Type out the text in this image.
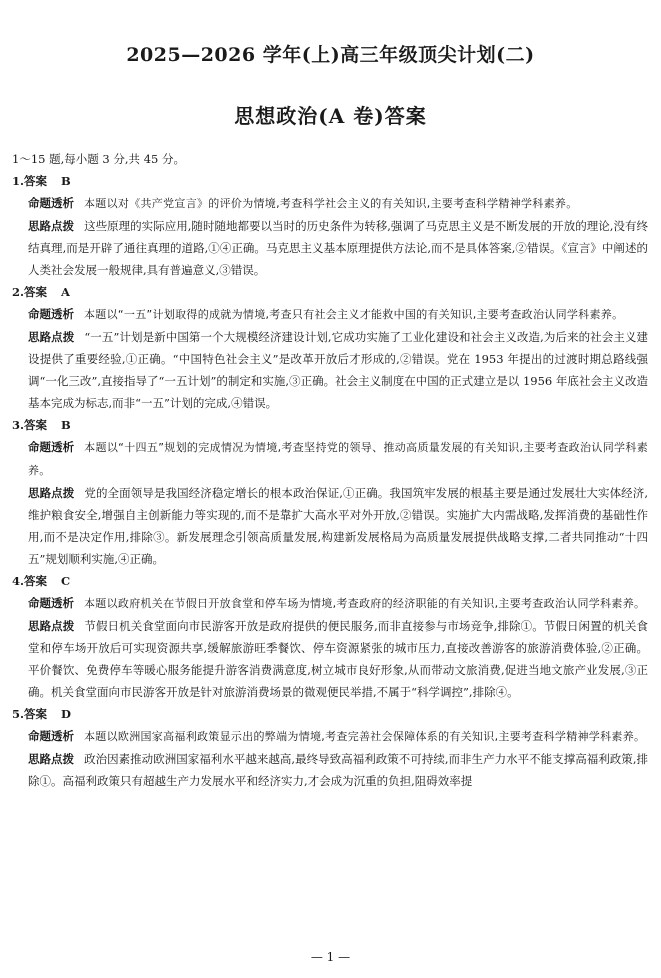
2025—2026 学年(上)高三年级顶尖计划(二)
思想政治(A 卷)答案

1～15 题,每小题 3 分,共 45 分。

1.答案 B

命题透析 本题以对《共产党宣言》的评价为情境,考查科学社会主义的有关知识,主要考查科学精神学科素养。

思路点拨 这些原理的实际应用,随时随地都要以当时的历史条件为转移,强调了马克思主义是不断发展的开放的理论,没有终结真理,而是开辟了通往真理的道路,①④正确。马克思主义基本原理提供方法论,而不是具体答案,②错误。《宣言》中阐述的人类社会发展一般规律,具有普遍意义,③错误。

2.答案 A

命题透析 本题以“一五”计划取得的成就为情境,考查只有社会主义才能救中国的有关知识,主要考查政治认同学科素养。

思路点拨 “一五”计划是新中国第一个大规模经济建设计划,它成功实施了工业化建设和社会主义改造,为后来的社会主义建设提供了重要经验,①正确。“中国特色社会主义”是改革开放后才形成的,②错误。党在 1953 年提出的过渡时期总路线强调“一化三改”,直接指导了“一五计划”的制定和实施,③正确。社会主义制度在中国的正式建立是以 1956 年底社会主义改造基本完成为标志,而非“一五”计划的完成,④错误。

3.答案 B

命题透析 本题以“十四五”规划的完成情况为情境,考查坚持党的领导、推动高质量发展的有关知识,主要考查政治认同学科素养。

思路点拨 党的全面领导是我国经济稳定增长的根本政治保证,①正确。我国筑牢发展的根基主要是通过发展壮大实体经济,维护粮食安全,增强自主创新能力等实现的,而不是靠扩大高水平对外开放,②错误。实施扩大内需战略,发挥消费的基础性作用,而不是决定作用,排除③。新发展理念引领高质量发展,构建新发展格局为高质量发展提供战略支撑,二者共同推动“十四五”规划顺利实施,④正确。

4.答案 C

命题透析 本题以政府机关在节假日开放食堂和停车场为情境,考查政府的经济职能的有关知识,主要考查政治认同学科素养。

思路点拨 节假日机关食堂面向市民游客开放是政府提供的便民服务,而非直接参与市场竞争,排除①。节假日闲置的机关食堂和停车场开放后可实现资源共享,缓解旅游旺季餐饮、停车资源紧张的城市压力,直接改善游客的旅游消费体验,②正确。平价餐饮、免费停车等暖心服务能提升游客消费满意度,树立城市良好形象,从而带动文旅消费,促进当地文旅产业发展,③正确。机关食堂面向市民游客开放是针对旅游消费场景的微观便民举措,不属于“科学调控”,排除④。

5.答案 D

命题透析 本题以欧洲国家高福利政策显示出的弊端为情境,考查完善社会保障体系的有关知识,主要考查科学精神学科素养。

思路点拨 政治因素推动欧洲国家福利水平越来越高,最终导致高福利政策不可持续,而非生产力水平不能支撑高福利政策,排除①。高福利政策只有超越生产力发展水平和经济实力,才会成为沉重的负担,阻碍效率提

— 1 —
